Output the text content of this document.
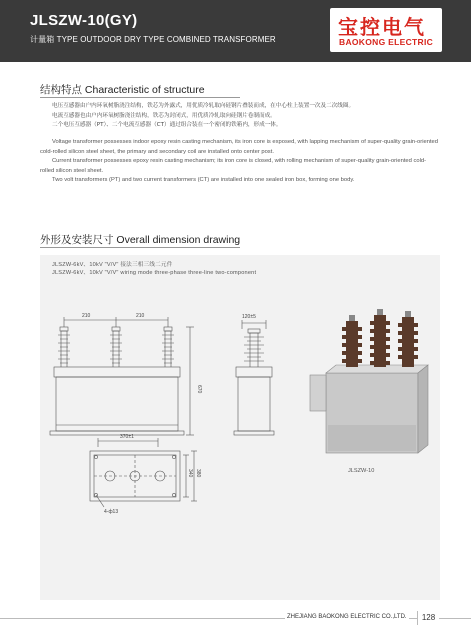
JLSZW-10(GY)
计量箱 TYPE OUTDOOR DRY TYPE COMBINED TRANSFORMER
宝控电气
BAOKONG ELECTRIC
结构特点 Characteristic of structure
电压互感器由户内环氧树脂浇注结构，铁芯为外露式，用优质冷轧取向硅钢片叠装而成，在中心柱上装置一次及二次线圈。
电流互感器也由户内环氧树脂浇注结构，铁芯为封闭式，用优质冷轧取向硅钢片卷制而成。
二个电压互感器（PT）、二个电流互感器（CT）通过组合装在一个密闭的铁箱内，形成一体。

Voltage transformer possesses indoor epoxy resin casting mechanism, its iron core is exposed, with lapping mechanism of super-quality grain-oriented cold-rolled silicon steel sheet, the primary and secondary coil are installed onto center post.

Current transformer possesses epoxy resin casting mechanism; its iron core is closed, with rolling mechanism of super-quality grain-oriented cold-rolled silicon steel sheet.

Two volt transformers (PT) and two current transformers (CT) are installed into one sealed iron box, forming one body.

外形及安装尺寸 Overall dimension drawing
JLSZW-6kV、10kV "V/V" 接法三相三线二元件
JLSZW-6kV、10kV "V/V" wiring mode three-phase three-line two-component
210	210
670
120±5
370±1
340 380
4-ф13
JLSZW-10
ZHEJIANG BAOKONG ELECTRIC CO.,LTD.	128
